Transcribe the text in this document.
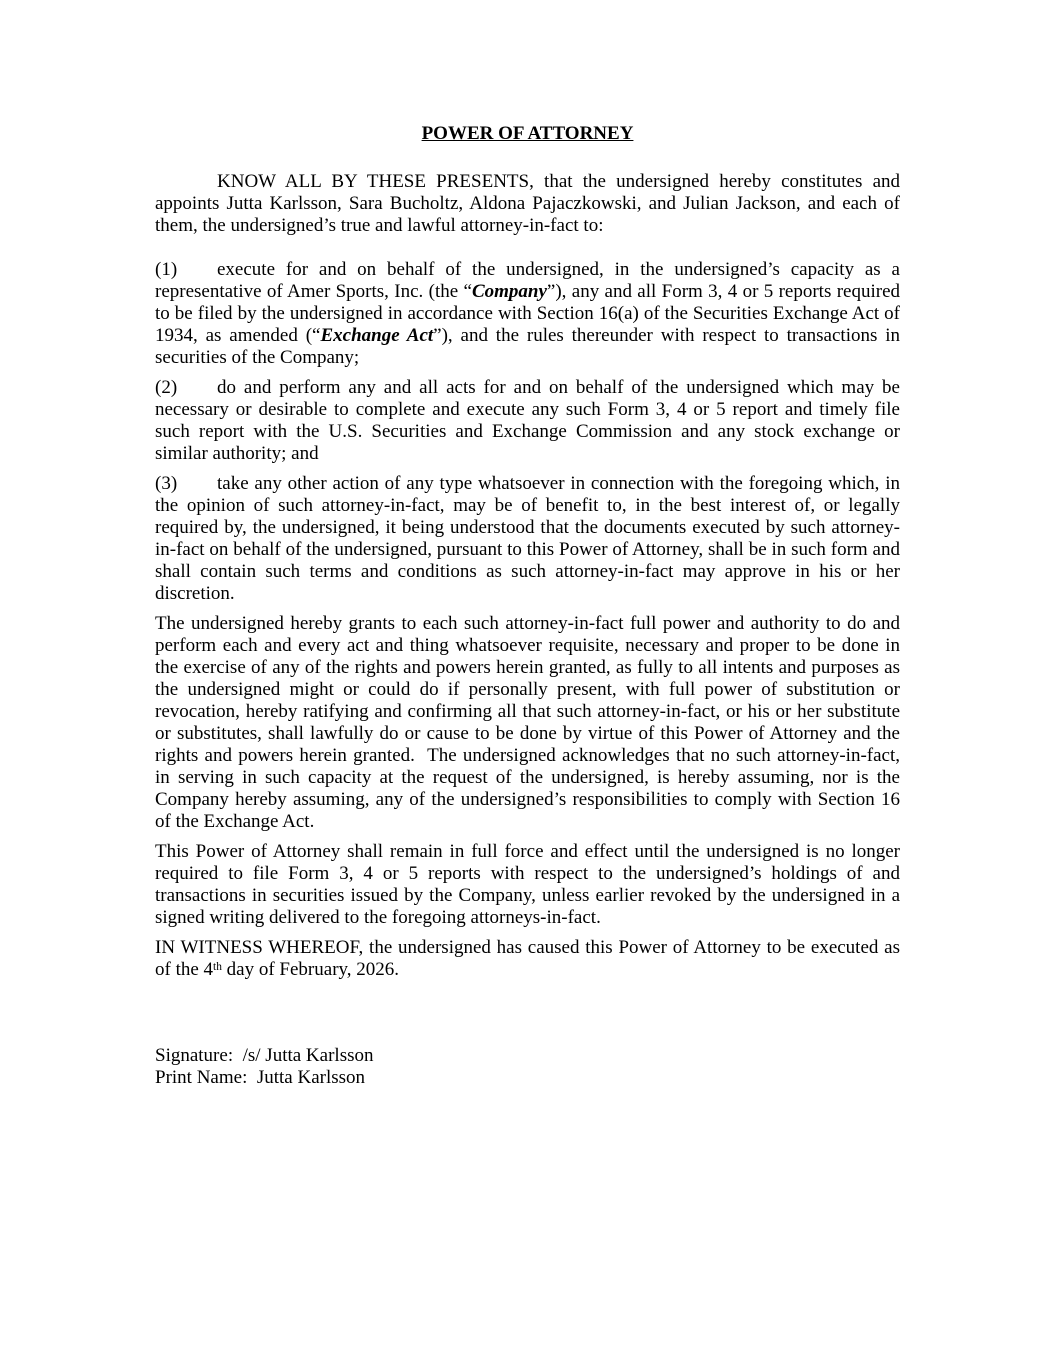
POWER OF ATTORNEY

KNOW ALL BY THESE PRESENTS, that the undersigned hereby constitutes and appoints Jutta Karlsson, Sara Bucholtz, Aldona Pajaczkowski, and Julian Jackson, and each of them, the undersigned’s true and lawful attorney-in-fact to:

(1) execute for and on behalf of the undersigned, in the undersigned’s capacity as a representative of Amer Sports, Inc. (the “Company”), any and all Form 3, 4 or 5 reports required to be filed by the undersigned in accordance with Section 16(a) of the Securities Exchange Act of 1934, as amended (“Exchange Act”), and the rules thereunder with respect to transactions in securities of the Company;

(2) do and perform any and all acts for and on behalf of the undersigned which may be necessary or desirable to complete and execute any such Form 3, 4 or 5 report and timely file such report with the U.S. Securities and Exchange Commission and any stock exchange or similar authority; and

(3) take any other action of any type whatsoever in connection with the foregoing which, in the opinion of such attorney-in-fact, may be of benefit to, in the best interest of, or legally required by, the undersigned, it being understood that the documents executed by such attorney-in-fact on behalf of the undersigned, pursuant to this Power of Attorney, shall be in such form and shall contain such terms and conditions as such attorney-in-fact may approve in his or her discretion.

The undersigned hereby grants to each such attorney-in-fact full power and authority to do and perform each and every act and thing whatsoever requisite, necessary and proper to be done in the exercise of any of the rights and powers herein granted, as fully to all intents and purposes as the undersigned might or could do if personally present, with full power of substitution or revocation, hereby ratifying and confirming all that such attorney-in-fact, or his or her substitute or substitutes, shall lawfully do or cause to be done by virtue of this Power of Attorney and the rights and powers herein granted.  The undersigned acknowledges that no such attorney-in-fact, in serving in such capacity at the request of the undersigned, is hereby assuming, nor is the Company hereby assuming, any of the undersigned’s responsibilities to comply with Section 16 of the Exchange Act.

This Power of Attorney shall remain in full force and effect until the undersigned is no longer required to file Form 3, 4 or 5 reports with respect to the undersigned’s holdings of and transactions in securities issued by the Company, unless earlier revoked by the undersigned in a signed writing delivered to the foregoing attorneys-in-fact.

IN WITNESS WHEREOF, the undersigned has caused this Power of Attorney to be executed as of the 4th day of February, 2026.

Signature:  /s/ Jutta Karlsson

Print Name:  Jutta Karlsson
